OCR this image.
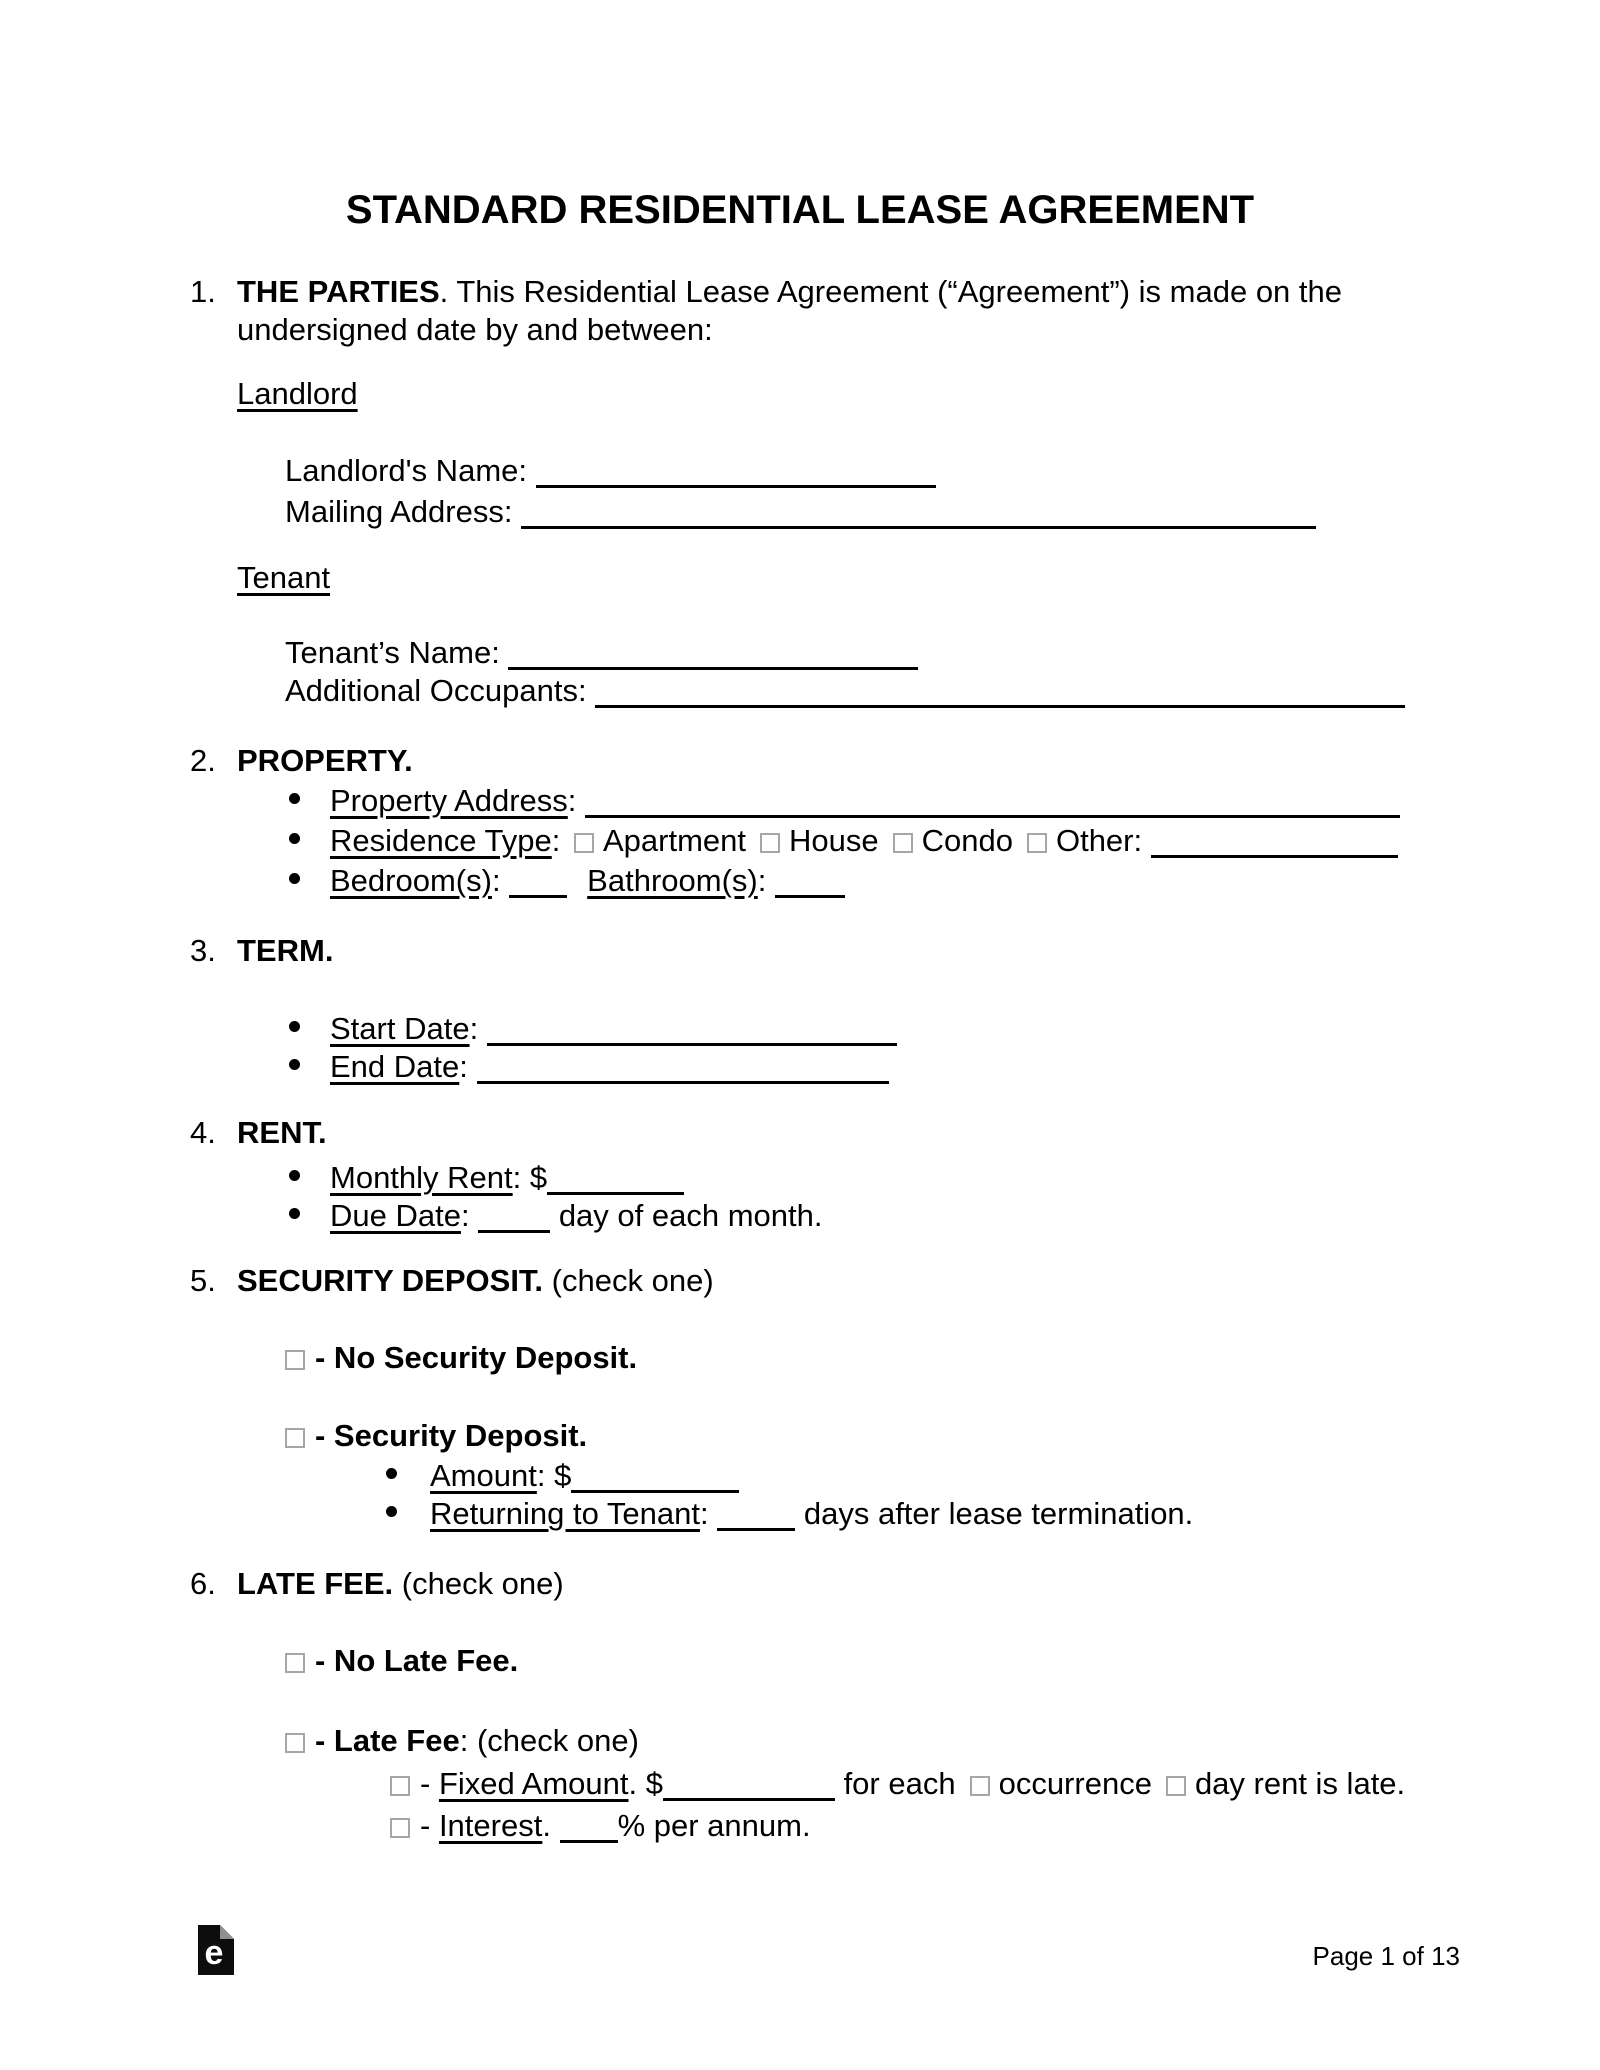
STANDARD RESIDENTIAL LEASE AGREEMENT
1. THE PARTIES. This Residential Lease Agreement (“Agreement”) is made on the
undersigned date by and between:
Landlord
Landlord's Name:
Mailing Address:
Tenant
Tenant’s Name:
Additional Occupants:
2. PROPERTY.
Property Address:
Residence Type: Apartment House Condo Other:
Bedroom(s):	Bathroom(s):
3. TERM.
Start Date:
End Date:
4. RENT.
Monthly Rent: $
Due Date:  day of each month.
5. SECURITY DEPOSIT. (check one)
- No Security Deposit.
- Security Deposit.
Amount: $
Returning to Tenant:	days after lease termination.
6. LATE FEE. (check one)
- No Late Fee.
- Late Fee: (check one)
- Fixed Amount. $	for each occurrence day rent is late.
- Interest. % per annum.
e	Page 1 of 13
